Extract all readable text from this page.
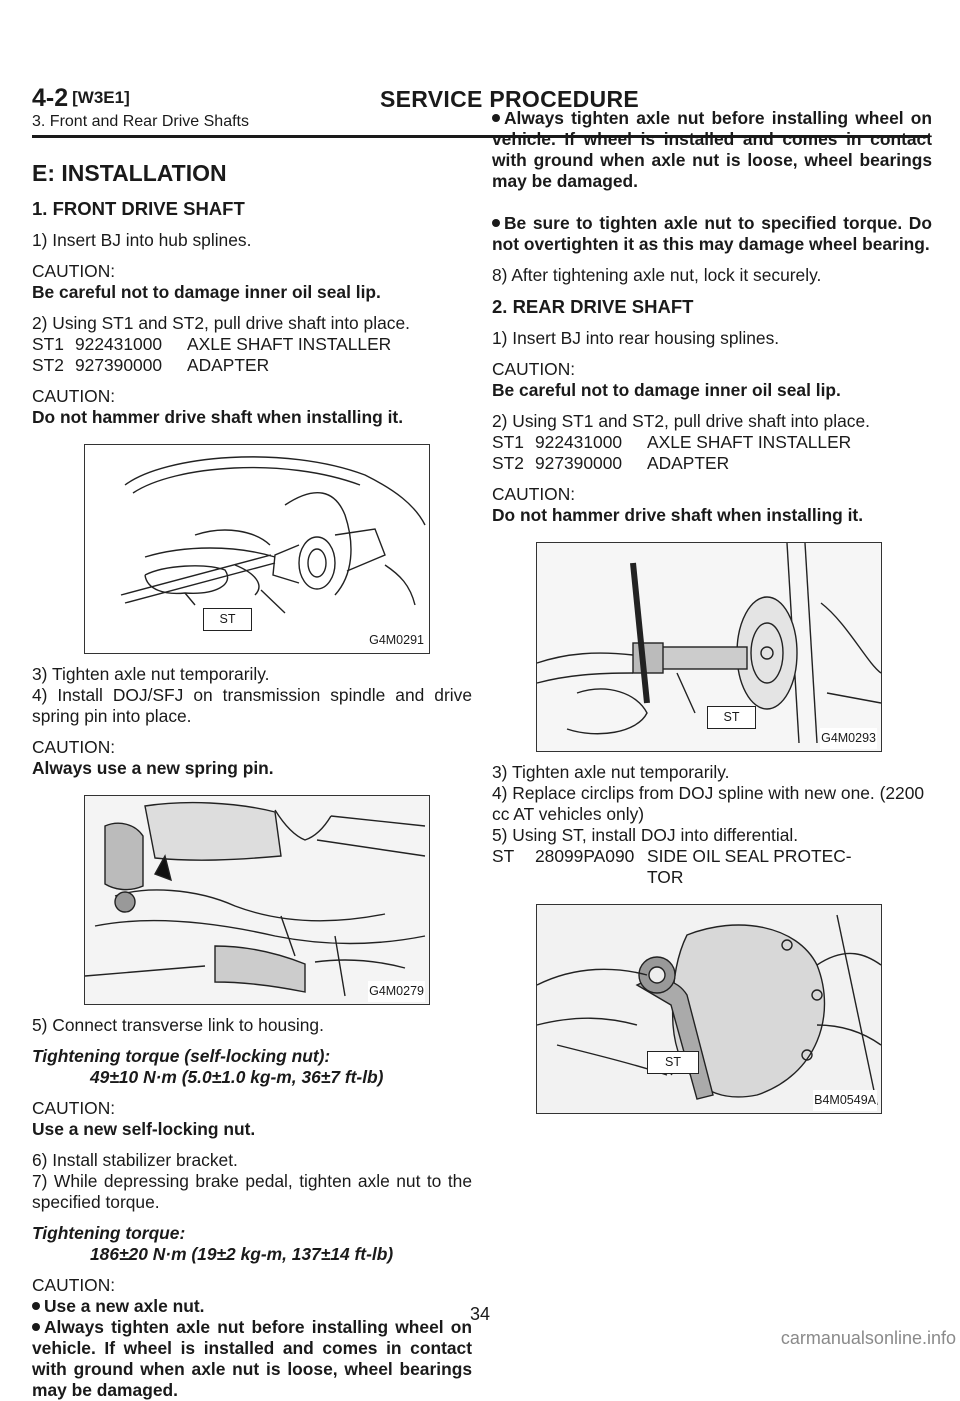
4-2 [W3E1]	SERVICE PROCEDURE
3. Front and Rear Drive Shafts
E: INSTALLATION
1. FRONT DRIVE SHAFT

1) Insert BJ into hub splines.

CAUTION:

Be careful not to damage inner oil seal lip.

2) Using ST1 and ST2, pull drive shaft into place.

ST1 922431000 AXLE SHAFT INSTALLER
ST2 927390000 ADAPTER

CAUTION:

Do not hammer drive shaft when installing it.

ST
G4M0291

3) Tighten axle nut temporarily.

4) Install DOJ/SFJ on transmission spindle and drive spring pin into place.

CAUTION:

Always use a new spring pin.

G4M0279

5) Connect transverse link to housing.

Tightening torque (self-locking nut):

49±10 N·m (5.0±1.0 kg-m, 36±7 ft-lb)

CAUTION:

Use a new self-locking nut.

6) Install stabilizer bracket.

7) While depressing brake pedal, tighten axle nut to the specified torque.

Tightening torque:

186±20 N·m (19±2 kg-m, 137±14 ft-lb)

CAUTION:

Use a new axle nut.

Always tighten axle nut before installing wheel on vehicle. If wheel is installed and comes in contact with ground when axle nut is loose, wheel bearings may be damaged.

Always tighten axle nut before installing wheel on vehicle. If wheel is installed and comes in contact with ground when axle nut is loose, wheel bearings may be damaged.

Be sure to tighten axle nut to specified torque. Do not overtighten it as this may damage wheel bearing.

8) After tightening axle nut, lock it securely.

2. REAR DRIVE SHAFT

1) Insert BJ into rear housing splines.

CAUTION:

Be careful not to damage inner oil seal lip.

2) Using ST1 and ST2, pull drive shaft into place.

ST1 922431000 AXLE SHAFT INSTALLER
ST2 927390000 ADAPTER

CAUTION:

Do not hammer drive shaft when installing it.

ST
G4M0293

3) Tighten axle nut temporarily.

4) Replace circlips from DOJ spline with new one. (2200 cc AT vehicles only)

5) Using ST, install DOJ into differential.

ST 28099PA090 SIDE OIL SEAL PROTEC-
TOR
ST
B4M0549A
34
carmanualsonline.info
